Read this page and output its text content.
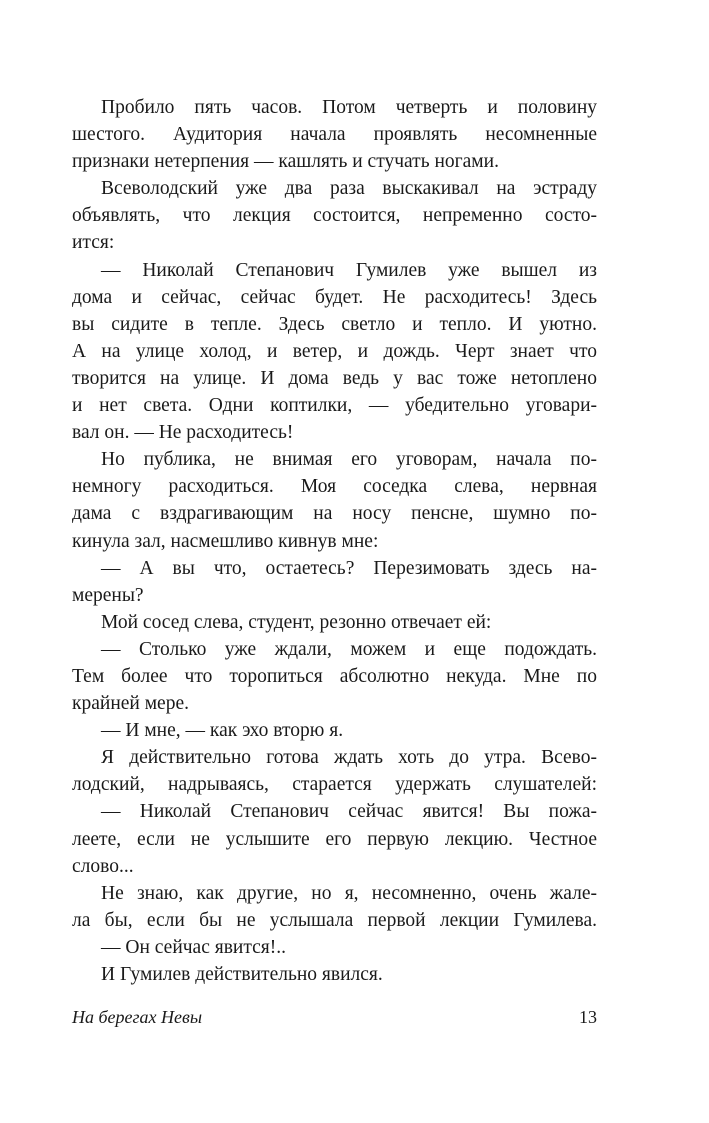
Пробило пять часов. Потом четверть и половину
шестого. Аудитория начала проявлять несомненные
признаки нетерпения — кашлять и стучать ногами.
Всеволодский уже два раза выскакивал на эстраду
объявлять, что лекция состоится, непременно состо-
ится:
— Николай Степанович Гумилев уже вышел из
дома и сейчас, сейчас будет. Не расходитесь! Здесь
вы сидите в тепле. Здесь светло и тепло. И уютно.
А на улице холод, и ветер, и дождь. Черт знает что
творится на улице. И дома ведь у вас тоже нетоплено
и нет света. Одни коптилки, — убедительно уговари-
вал он. — Не расходитесь!
Но публика, не внимая его уговорам, начала по-
немногу расходиться. Моя соседка слева, нервная
дама с вздрагивающим на носу пенсне, шумно по-
кинула зал, насмешливо кивнув мне:
— А вы что, остаетесь? Перезимовать здесь на-
мерены?
Мой сосед слева, студент, резонно отвечает ей:
— Столько уже ждали, можем и еще подождать.
Тем более что торопиться абсолютно некуда. Мне по
крайней мере.
— И мне, — как эхо вторю я.
Я действительно готова ждать хоть до утра. Всево-
лодский, надрываясь, старается удержать слушателей:
— Николай Степанович сейчас явится! Вы пожа-
леете, если не услышите его первую лекцию. Честное
слово...
Не знаю, как другие, но я, несомненно, очень жале-
ла бы, если бы не услышала первой лекции Гумилева.
— Он сейчас явится!..
И Гумилев действительно явился.
На берегах Невы	13
